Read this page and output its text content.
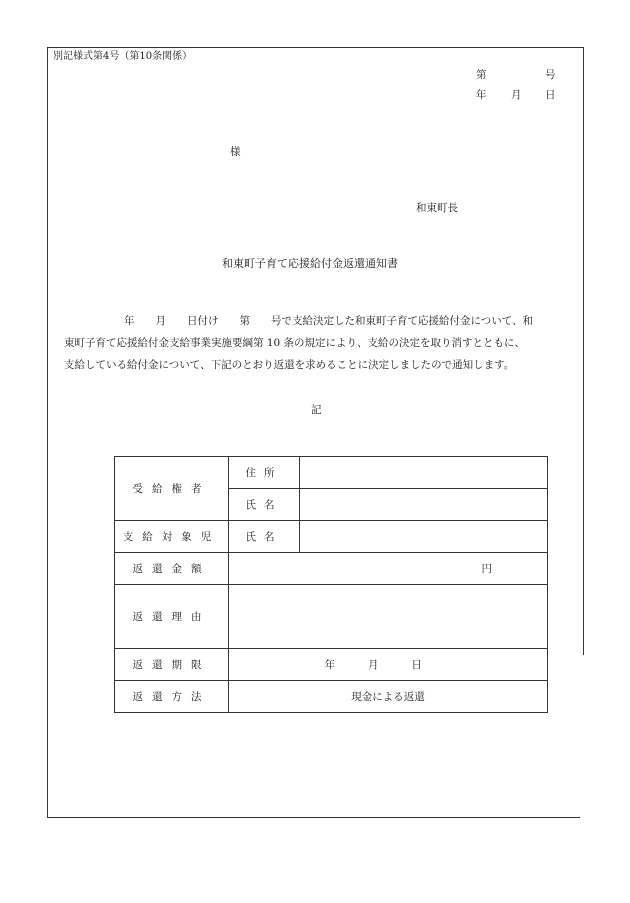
別記様式第4号（第10条関係）
第	号
年 月 日
様
和東町長
和東町子育て応援給付金返還通知書
年　　月　　日付け　　第　　号で支給決定した和東町子育て応援給付金について、和
東町子育て応援給付金支給事業実施要綱第 10 条の規定により、支給の決定を取り消すとともに、
支給している給付金について、下記のとおり返還を求めることに決定しましたので通知します。
記
受給権者	住所	
	氏名	
支給対象児	氏名	
返還金額	円	
返還理由		
返還期限	年 月 日	
返還方法	現金による返還	
